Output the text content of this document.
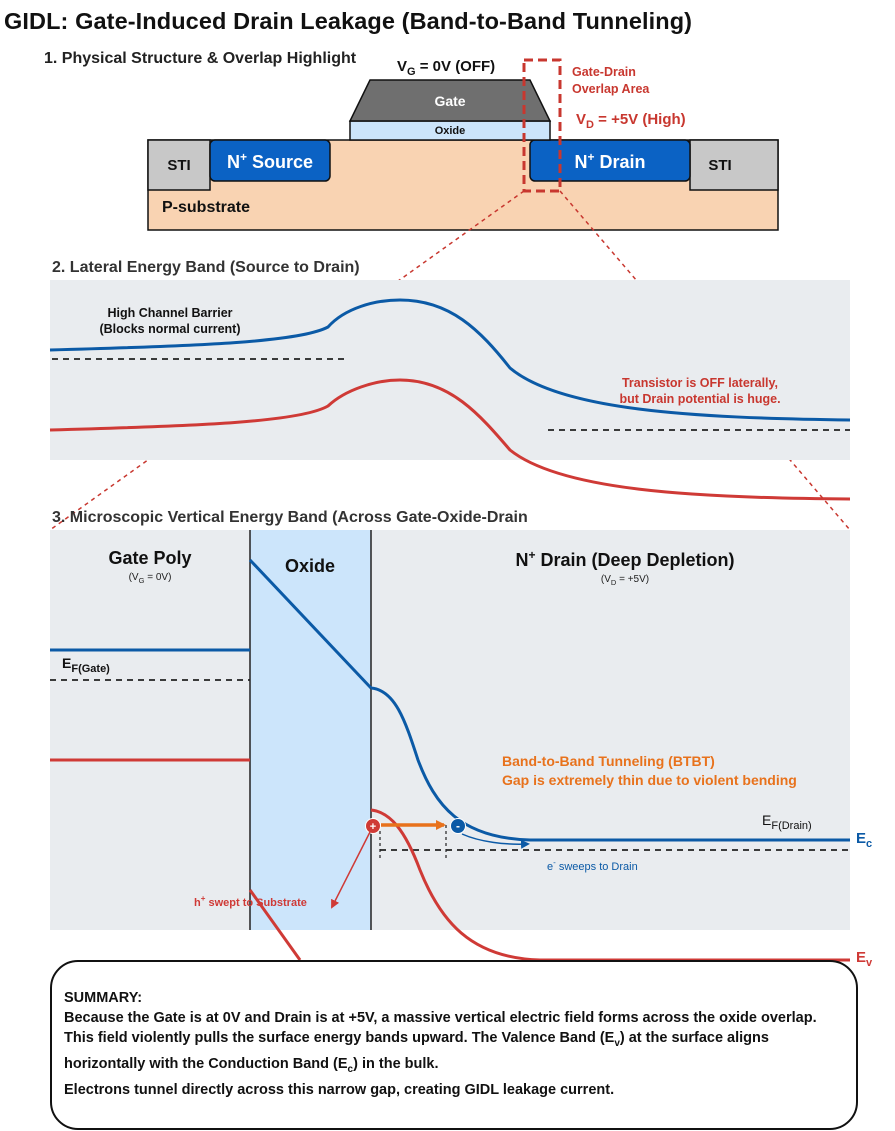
GIDL: Gate-Induced Drain Leakage (Band-to-Band Tunneling)
1. Physical Structure & Overlap Highlight	$V_G = 0V$ (OFF)
P-substrate
STI	STI
N+ Source	N+ Drain
Oxide
Gate
Gate-Drain
Overlap Area
$V_D = +5V$ (High)
2. Lateral Energy Band (Source to Drain)
High Channel Barrier
(Blocks normal current)
Transistor is OFF laterally,
but Drain potential is huge.
3. Microscopic Vertical Energy Band (Across Gate-Oxide-Drain
Gate Poly
$(V_G = 0V)$
Oxide	N+ Drain (Deep Depletion)
$(V_D = +5V)$
$E_{F(Gate)}$
+	-
Band-to-Band Tunneling (BTBT)
Gap is extremely thin due to violent bending
$E_{F(Drain)}$
$E_c$
$E_v$
e- sweeps to Drain
h+ swept to Substrate

SUMMARY:

Because the Gate is at 0V and Drain is at +5V, a massive vertical electric field forms across the oxide overlap.

This field violently pulls the surface energy bands upward. The Valence Band $(E_v)$ at the surface aligns horizontally with the Conduction Band $(E_c)$ in the bulk.

Electrons tunnel directly across this narrow gap, creating GIDL leakage current.
